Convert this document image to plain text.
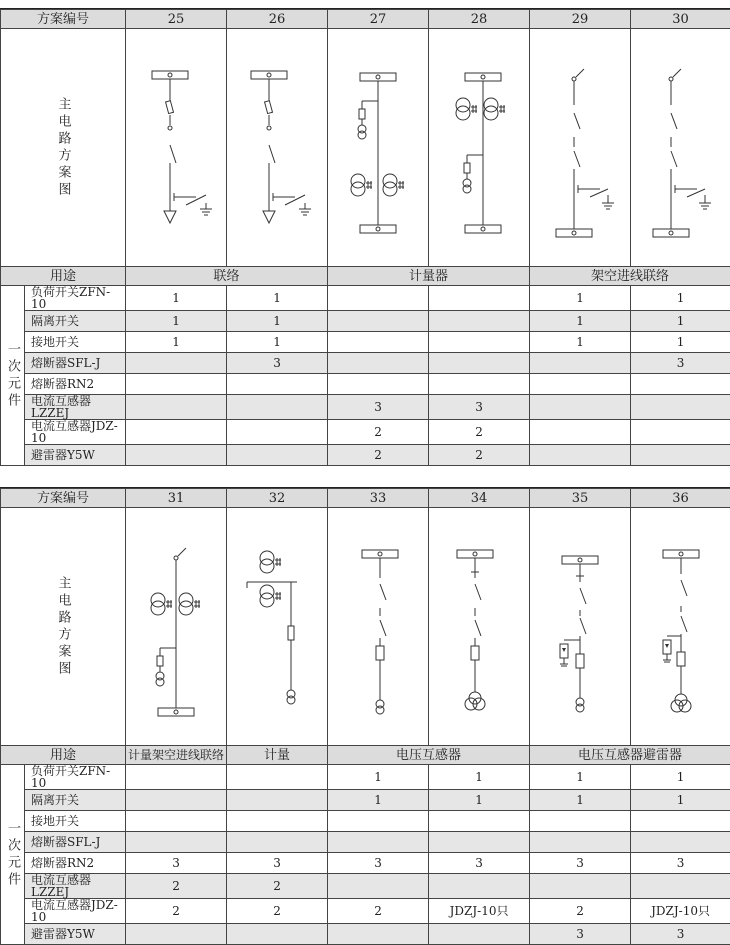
方案编号		25	26	27	28	29	30

主电路方案图

用途		联络		计量器		架空进线联络	

一次元件	负荷开关ZFN-10	1	1			1	1
	隔离开关	1	1			1	1
	接地开关	1	1			1	1
	熔断器SFL-J		3				3
	熔断器RN2						
	电流互感器LZZEJ			3	3		
	电流互感器JDZ-10			2	2		
	避雷器Y5W			2	2		
方案编号		31	32	33	34	35	36

主电路方案图

用途		计量架空进线联络	计量	电压互感器		电压互感器避雷器	

一次元件	负荷开关ZFN-10			1	1	1	1
	隔离开关			1	1	1	1
	接地开关						
	熔断器SFL-J						
	熔断器RN2	3	3	3	3	3	3
	电流互感器LZZEJ	2	2				
	电流互感器JDZ-10	2	2	2	JDZJ-10只	2	JDZJ-10只
	避雷器Y5W					3	3
